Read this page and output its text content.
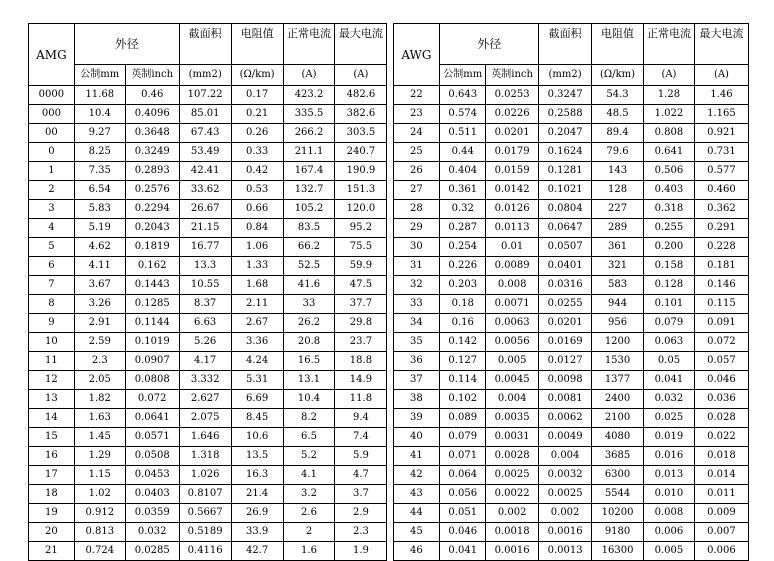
AMG	外径		截面积	电阻值	正常电流	最大电流		AWG	外径		截面积	电阻值	正常电流	最大电流
	公制mm	英制inch	(mm2)	(Ω/km)	(A)	(A)			公制mm	英制inch	(mm2)	(Ω/km)	(A)	(A)
0000	11.68	0.46	107.22	0.17	423.2	482.6		22	0.643	0.0253	0.3247	54.3	1.28	1.46
000	10.4	0.4096	85.01	0.21	335.5	382.6		23	0.574	0.0226	0.2588	48.5	1.022	1.165
00	9.27	0.3648	67.43	0.26	266.2	303.5		24	0.511	0.0201	0.2047	89.4	0.808	0.921
0	8.25	0.3249	53.49	0.33	211.1	240.7		25	0.44	0.0179	0.1624	79.6	0.641	0.731
1	7.35	0.2893	42.41	0.42	167.4	190.9		26	0.404	0.0159	0.1281	143	0.506	0.577
2	6.54	0.2576	33.62	0.53	132.7	151.3		27	0.361	0.0142	0.1021	128	0.403	0.460
3	5.83	0.2294	26.67	0.66	105.2	120.0		28	0.32	0.0126	0.0804	227	0.318	0.362
4	5.19	0.2043	21.15	0.84	83.5	95.2		29	0.287	0.0113	0.0647	289	0.255	0.291
5	4.62	0.1819	16.77	1.06	66.2	75.5		30	0.254	0.01	0.0507	361	0.200	0.228
6	4.11	0.162	13.3	1.33	52.5	59.9		31	0.226	0.0089	0.0401	321	0.158	0.181
7	3.67	0.1443	10.55	1.68	41.6	47.5		32	0.203	0.008	0.0316	583	0.128	0.146
8	3.26	0.1285	8.37	2.11	33	37.7		33	0.18	0.0071	0.0255	944	0.101	0.115
9	2.91	0.1144	6.63	2.67	26.2	29.8		34	0.16	0.0063	0.0201	956	0.079	0.091
10	2.59	0.1019	5.26	3.36	20.8	23.7		35	0.142	0.0056	0.0169	1200	0.063	0.072
11	2.3	0.0907	4.17	4.24	16.5	18.8		36	0.127	0.005	0.0127	1530	0.05	0.057
12	2.05	0.0808	3.332	5.31	13.1	14.9		37	0.114	0.0045	0.0098	1377	0.041	0.046
13	1.82	0.072	2.627	6.69	10.4	11.8		38	0.102	0.004	0.0081	2400	0.032	0.036
14	1.63	0.0641	2.075	8.45	8.2	9.4		39	0.089	0.0035	0.0062	2100	0.025	0.028
15	1.45	0.0571	1.646	10.6	6.5	7.4		40	0.079	0.0031	0.0049	4080	0.019	0.022
16	1.29	0.0508	1.318	13.5	5.2	5.9		41	0.071	0.0028	0.004	3685	0.016	0.018
17	1.15	0.0453	1.026	16.3	4.1	4.7		42	0.064	0.0025	0.0032	6300	0.013	0.014
18	1.02	0.0403	0.8107	21.4	3.2	3.7		43	0.056	0.0022	0.0025	5544	0.010	0.011
19	0.912	0.0359	0.5667	26.9	2.6	2.9		44	0.051	0.002	0.002	10200	0.008	0.009
20	0.813	0.032	0.5189	33.9	2	2.3		45	0.046	0.0018	0.0016	9180	0.006	0.007
21	0.724	0.0285	0.4116	42.7	1.6	1.9		46	0.041	0.0016	0.0013	16300	0.005	0.006
